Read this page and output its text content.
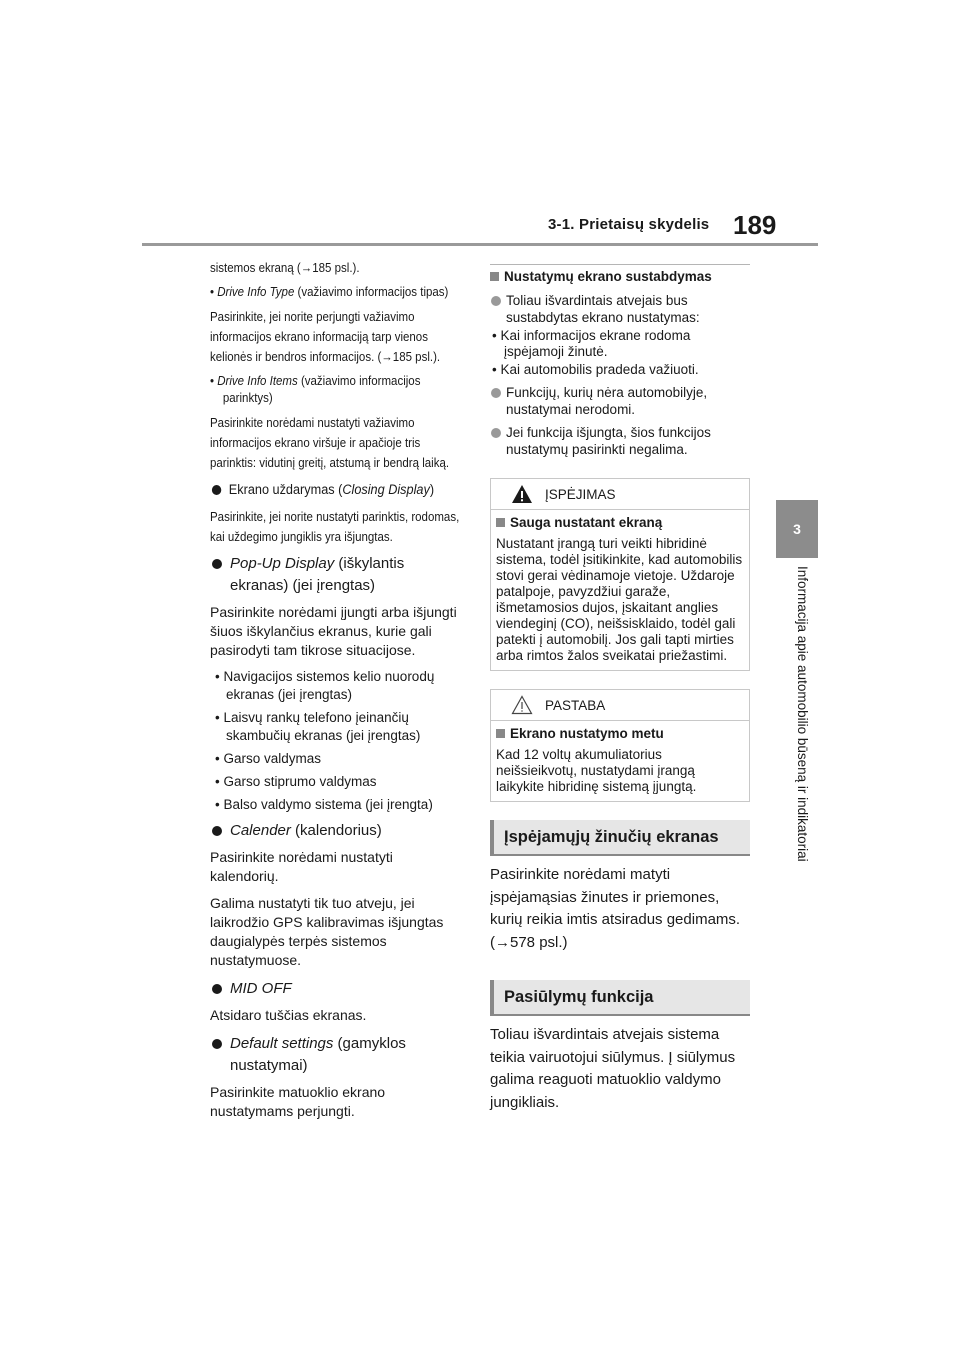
3-1. Prietaisų skydelis 189
3
Informacija apie automobilio būseną ir indikatoriai

sistemos ekraną (→185 psl.).

• Drive Info Type (važiavimo informacijos tipas)

Pasirinkite, jei norite perjungti važiavimo informacijos ekrano informaciją tarp vienos kelionės ir bendros informacijos. (→185 psl.).

• Drive Info Items (važiavimo informacijos parinktys)

Pasirinkite norėdami nustatyti važiavimo informacijos ekrano viršuje ir apačioje tris parinktis: vidutinį greitį, atstumą ir bendrą laiką.

Ekrano uždarymas (Closing Display)

Pasirinkite, jei norite nustatyti parinktis, rodomas, kai uždegimo jungiklis yra išjungtas.

Pop-Up Display (iškylantis ekranas) (jei įrengtas)

Pasirinkite norėdami įjungti arba išjungti šiuos iškylančius ekranus, kurie gali pasirodyti tam tikrose situacijose.

• Navigacijos sistemos kelio nuorodų ekranas (jei įrengtas)

• Laisvų rankų telefono įeinančių skambučių ekranas (jei įrengtas)

• Garso valdymas

• Garso stiprumo valdymas

• Balso valdymo sistema (jei įrengta)

Calender (kalendorius)

Pasirinkite norėdami nustatyti kalendorių.

Galima nustatyti tik tuo atveju, jei laikrodžio GPS kalibravimas išjungtas daugialypės terpės sistemos nustatymuose.

MID OFF

Atsidaro tuščias ekranas.

Default settings (gamyklos nustatymai)

Pasirinkite matuoklio ekrano nustatymams perjungti.

Nustatymų ekrano sustabdymas

Toliau išvardintais atvejais bus sustabdytas ekrano nustatymas:

• Kai informacijos ekrane rodoma įspėjamoji žinutė.

• Kai automobilis pradeda važiuoti.

Funkcijų, kurių nėra automobilyje, nustatymai nerodomi.
Jei funkcija išjungta, šios funkcijos nustatymų pasirinkti negalima.
ĮSPĖJIMAS

Sauga nustatant ekraną

Nustatant įrangą turi veikti hibridinė sistema, todėl įsitikinkite, kad automobilis stovi gerai vėdinamoje vietoje. Uždaroje patalpoje, pavyzdžiui garaže, išmetamosios dujos, įskaitant anglies viendeginį (CO), neišsisklaido, todėl gali patekti į automobilį. Jos gali tapti mirties arba rimtos žalos sveikatai priežastimi.
PASTABA

Ekrano nustatymo metu

Kad 12 voltų akumuliatorius neišsieikvotų, nustatydami įrangą laikykite hibridinę sistemą įjungtą.
Įspėjamųjų žinučių ekranas

Pasirinkite norėdami matyti įspėjamąsias žinutes ir priemones, kurių reikia imtis atsiradus gedimams. (→578 psl.)

Pasiūlymų funkcija

Toliau išvardintais atvejais sistema teikia vairuotojui siūlymus. Į siūlymus galima reaguoti matuoklio valdymo jungikliais.
